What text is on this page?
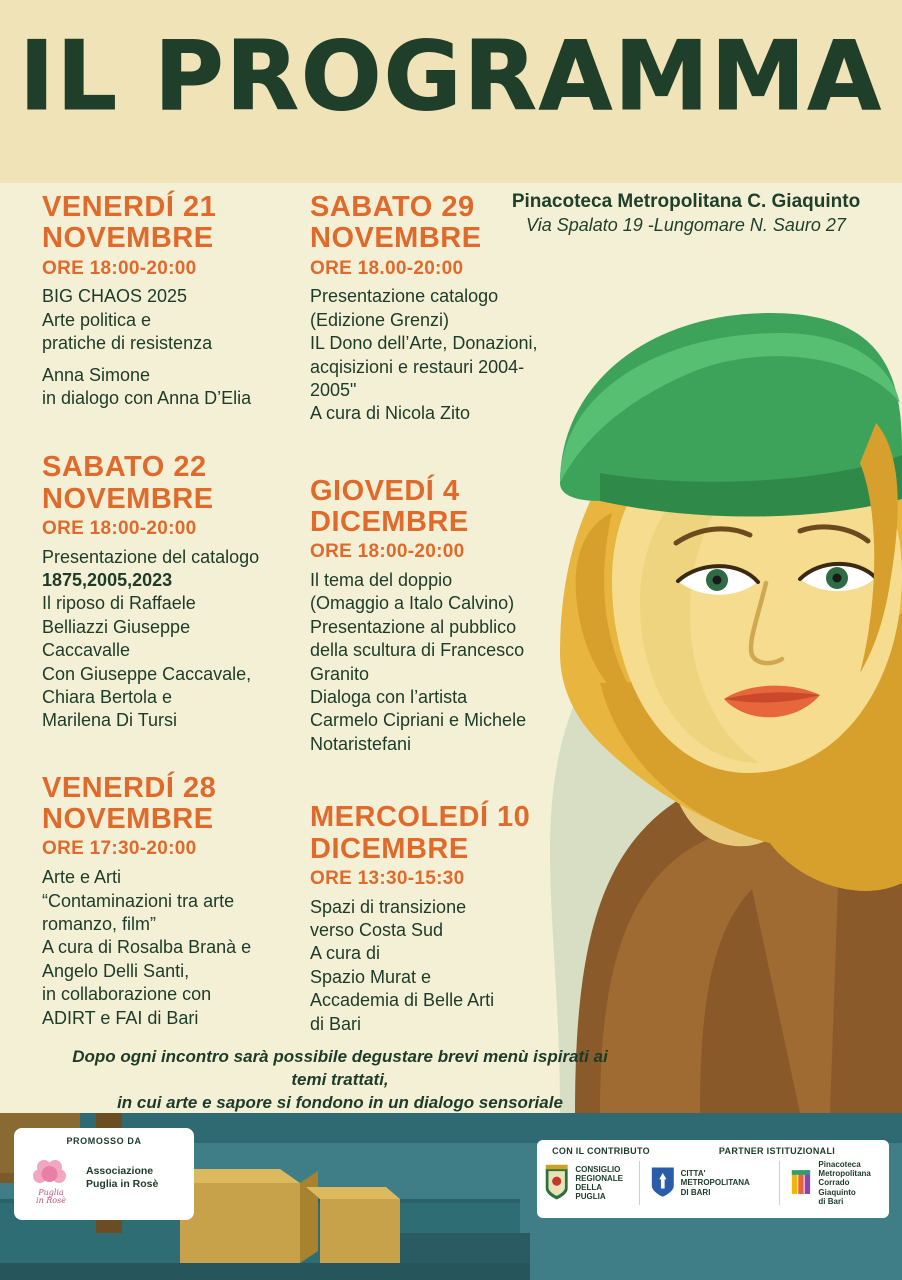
IL PROGRAMMA
Pinacoteca Metropolitana C. Giaquinto
Via Spalato 19 -Lungomare N. Sauro 27
VENERDÍ 21
NOVEMBRE
ORE 18:00-20:00
BIG CHAOS 2025
Arte politica e
pratiche di resistenza
Anna Simone
in dialogo con Anna D’Elia
SABATO 22
NOVEMBRE
ORE 18:00-20:00
Presentazione del catalogo
1875,2005,2023
Il riposo di Raffaele
Belliazzi Giuseppe
Caccavalle
Con Giuseppe Caccavale,
Chiara Bertola e
Marilena Di Tursi
VENERDÍ 28
NOVEMBRE
ORE 17:30-20:00
Arte e Arti
“Contaminazioni tra arte
romanzo, film”
A cura di Rosalba Branà e
Angelo Delli Santi,
in collaborazione con
ADIRT e FAI di Bari
SABATO 29
NOVEMBRE
ORE 18.00-20:00
Presentazione catalogo
(Edizione Grenzi)
IL Dono dell’Arte, Donazioni,
acqisizioni e restauri 2004-
2005"
A cura di Nicola Zito
GIOVEDÍ 4
DICEMBRE
ORE 18:00-20:00
Il tema del doppio
(Omaggio a Italo Calvino)
Presentazione al pubblico
della scultura di Francesco
Granito
Dialoga con l’artista
Carmelo Cipriani e Michele
Notaristefani
MERCOLEDÍ 10
DICEMBRE
ORE 13:30-15:30
Spazi di transizione
verso Costa Sud
A cura di
Spazio Murat e
Accademia di Belle Arti
di Bari
Dopo ogni incontro sarà possibile degustare brevi menù ispirati ai temi trattati,
in cui arte e sapore si fondono in un dialogo sensoriale
PROMOSSO DA
Puglia
in Rosè
Associazione
Puglia in Rosè
CON IL CONTRIBUTO	PARTNER ISTITUZIONALI
CONSIGLIO
REGIONALE
DELLA PUGLIA
CITTA' METROPOLITANA
DI BARI
Pinacoteca
Metropolitana
Corrado Giaquinto
di Bari
